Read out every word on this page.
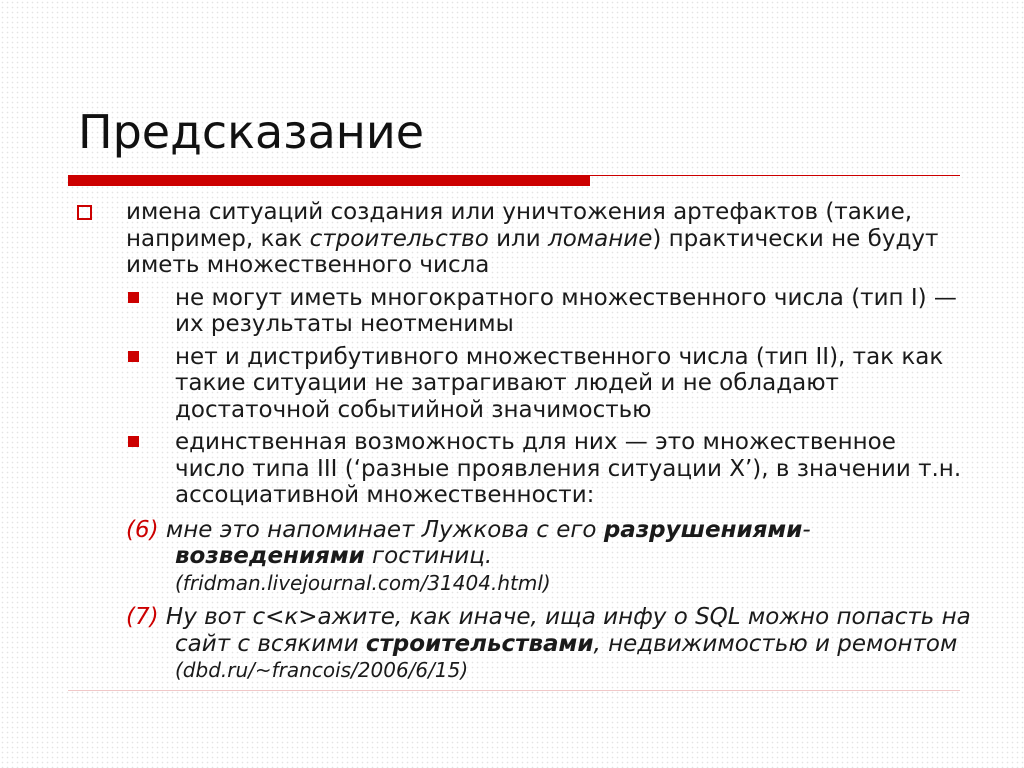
Предсказание
имена ситуаций создания или уничтожения артефактов (такие, например, как строительство или ломание) практически не будут иметь множественного числа
не могут иметь многократного множественного числа (тип I) — их результаты неотменимы
нет и дистрибутивного множественного числа (тип II), так как такие ситуации не затрагивают людей и не обладают достаточной событийной значимостью
единственная возможность для них — это множественное число типа III (‘разные проявления ситуации X’), в значении т.н. ассоциативной множественности:
(6) мне это напоминает Лужкова с его разрушениями-
возведениями гостиниц.
(fridman.livejournal.com/31404.html)
(7) Ну вот с<к>ажите, как иначе, ища инфу о SQL можно попасть на сайт с всякими строительствами, недвижимостью и ремонтом (dbd.ru/~francois/2006/6/15)
